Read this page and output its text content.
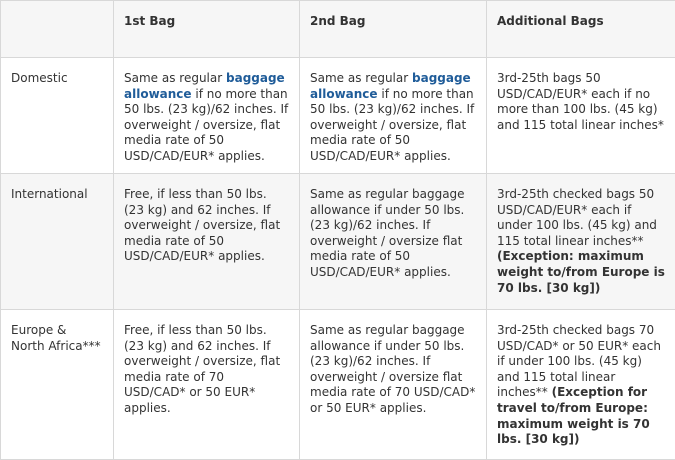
	1st Bag	2nd Bag	Additional Bags
Domestic	Same as regular baggage allowance if no more than 50 lbs. (23 kg)/62 inches. If overweight / oversize, flat media rate of 50 USD/CAD/EUR* applies.	Same as regular baggage allowance if no more than 50 lbs. (23 kg)/62 inches. If overweight / oversize, flat media rate of 50 USD/CAD/EUR* applies.	3rd-25th bags 50 USD/CAD/EUR* each if no more than 100 lbs. (45 kg) and 115 total linear inches*
International	Free, if less than 50 lbs. (23 kg) and 62 inches. If overweight / oversize, flat media rate of 50 USD/CAD/EUR* applies.	Same as regular baggage allowance if under 50 lbs. (23 kg)/62 inches. If overweight / oversize flat media rate of 50 USD/CAD/EUR* applies.	3rd-25th checked bags 50 USD/CAD/EUR* each if under 100 lbs. (45 kg) and 115 total linear inches** (Exception: maximum weight to/from Europe is 70 lbs. [30 kg])
Europe & North Africa***	Free, if less than 50 lbs. (23 kg) and 62 inches. If overweight / oversize, flat media rate of 70 USD/CAD* or 50 EUR* applies.	Same as regular baggage allowance if under 50 lbs. (23 kg)/62 inches. If overweight / oversize flat media rate of 70 USD/CAD* or 50 EUR* applies.	3rd-25th checked bags 70 USD/CAD* or 50 EUR* each if under 100 lbs. (45 kg) and 115 total linear inches** (Exception for travel to/from Europe: maximum weight is 70 lbs. [30 kg])
